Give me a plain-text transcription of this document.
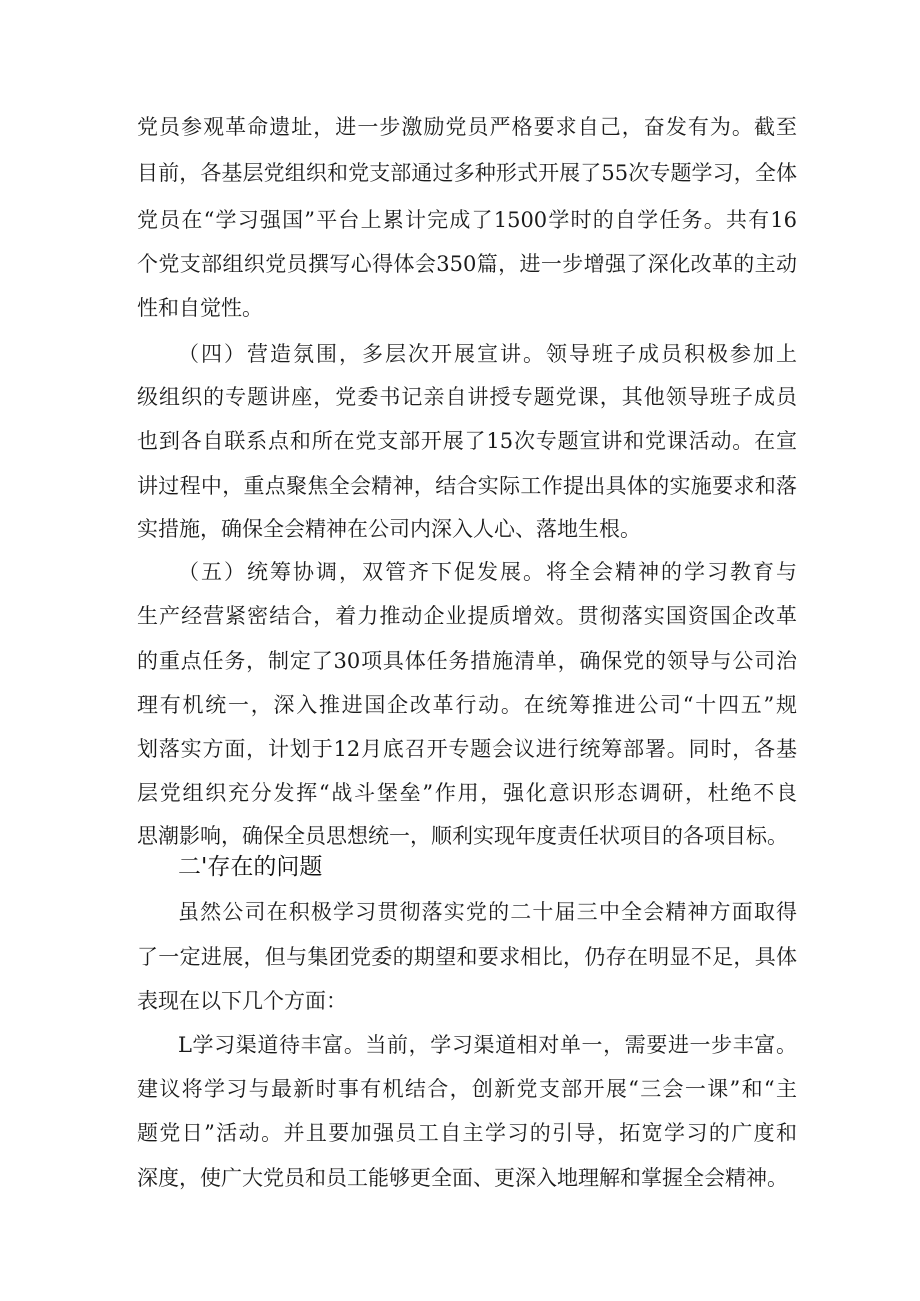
党员参观革命遗址，进一步激励党员严格要求自己，奋发有为。截至
目前，各基层党组织和党支部通过多种形式开展了55次专题学习，全体
党员在“学习强国”平台上累计完成了1500学时的自学任务。共有16
个党支部组织党员撰写心得体会350篇，进一步增强了深化改革的主动
性和自觉性。
（四）营造氛围，多层次开展宣讲。领导班子成员积极参加上
级组织的专题讲座，党委书记亲自讲授专题党课，其他领导班子成员
也到各自联系点和所在党支部开展了15次专题宣讲和党课活动。在宣
讲过程中，重点聚焦全会精神，结合实际工作提出具体的实施要求和落
实措施，确保全会精神在公司内深入人心、落地生根。
（五）统筹协调，双管齐下促发展。将全会精神的学习教育与
生产经营紧密结合，着力推动企业提质增效。贯彻落实国资国企改革
的重点任务，制定了30项具体任务措施清单，确保党的领导与公司治
理有机统一，深入推进国企改革行动。在统筹推进公司“十四五”规
划落实方面，计划于12月底召开专题会议进行统筹部署。同时，各基
层党组织充分发挥“战斗堡垒”作用，强化意识形态调研，杜绝不良
思潮影响，确保全员思想统一，顺利实现年度责任状项目的各项目标。
二'存在的问题
虽然公司在积极学习贯彻落实党的二十届三中全会精神方面取得
了一定进展，但与集团党委的期望和要求相比，仍存在明显不足，具体
表现在以下几个方面：
L学习渠道待丰富。当前，学习渠道相对单一，需要进一步丰富。
建议将学习与最新时事有机结合，创新党支部开展“三会一课”和“主
题党日”活动。并且要加强员工自主学习的引导，拓宽学习的广度和
深度，使广大党员和员工能够更全面、更深入地理解和掌握全会精神。
